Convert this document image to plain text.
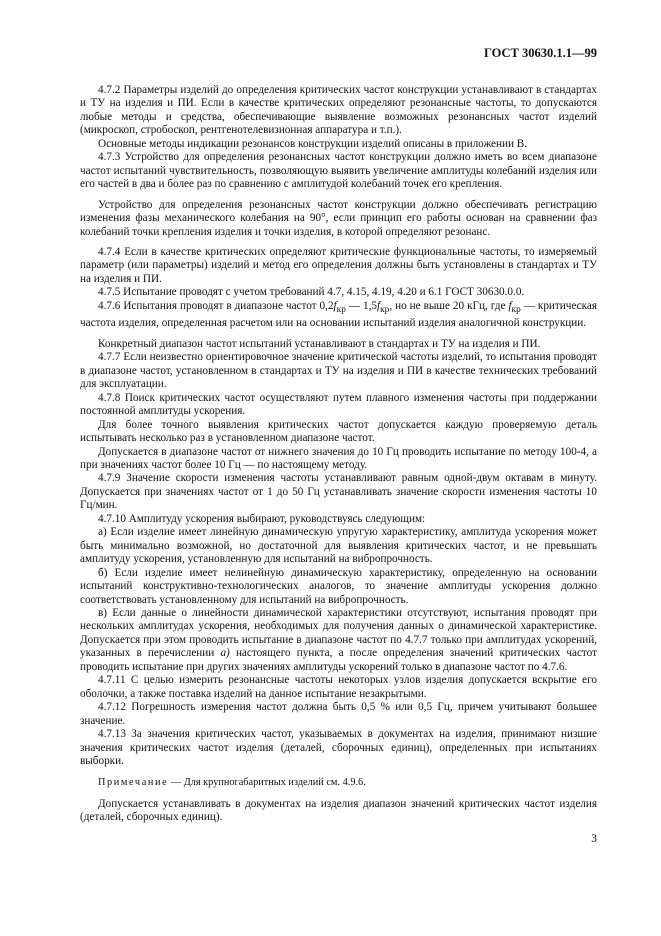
ГОСТ 30630.1.1—99

4.7.2 Параметры изделий до определения критических частот конструкции устанавливают в стандартах и ТУ на изделия и ПИ. Если в качестве критических определяют резонансные частоты, то допускаются любые методы и средства, обеспечивающие выявление возможных резонансных частот изделий (микроскоп, стробоскоп, рентгенотелевизионная аппаратура и т.п.).

Основные методы индикации резонансов конструкции изделий описаны в приложении В.

4.7.3 Устройство для определения резонансных частот конструкции должно иметь во всем диапазоне частот испытаний чувствительность, позволяющую выявить увеличение амплитуды колебаний изделия или его частей в два и более раз по сравнению с амплитудой колебаний точек его крепления.

Устройство для определения резонансных частот конструкции должно обеспечивать регистрацию изменения фазы механического колебания на 90°, если принцип его работы основан на сравнении фаз колебаний точки крепления изделия и точки изделия, в которой определяют резонанс.

4.7.4 Если в качестве критических определяют критические функциональные частоты, то измеряемый параметр (или параметры) изделий и метод его определения должны быть установлены в стандартах и ТУ на изделия и ПИ.

4.7.5 Испытание проводят с учетом требований 4.7, 4.15, 4.19, 4.20 и 6.1 ГОСТ 30630.0.0.

4.7.6 Испытания проводят в диапазоне частот $0,2f_{кр}$ — $1,5f_{кр}$, но не выше 20 кГц, где $f_{кр}$ — критическая частота изделия, определенная расчетом или на основании испытаний изделия аналогичной конструкции.

Конкретный диапазон частот испытаний устанавливают в стандартах и ТУ на изделия и ПИ.

4.7.7 Если неизвестно ориентировочное значение критической частоты изделий, то испытания проводят в диапазоне частот, установленном в стандартах и ТУ на изделия и ПИ в качестве технических требований для эксплуатации.

4.7.8 Поиск критических частот осуществляют путем плавного изменения частоты при поддержании постоянной амплитуды ускорения.

Для более точного выявления критических частот допускается каждую проверяемую деталь испытывать несколько раз в установленном диапазоне частот.

Допускается в диапазоне частот от нижнего значения до 10 Гц проводить испытание по методу 100-4, а при значениях частот более 10 Гц — по настоящему методу.

4.7.9 Значение скорости изменения частоты устанавливают равным одной-двум октавам в минуту. Допускается при значениях частот от 1 до 50 Гц устанавливать значение скорости изменения частоты 10 Гц/мин.

4.7.10 Амплитуду ускорения выбирают, руководствуясь следующим:

а) Если изделие имеет линейную динамическую упругую характеристику, амплитуда ускорения может быть минимально возможной, но достаточной для выявления критических частот, и не превышать амплитуду ускорения, установленную для испытаний на вибропрочность.

б) Если изделие имеет нелинейную динамическую характеристику, определенную на основании испытаний конструктивно-технологических аналогов, то значение амплитуды ускорения должно соответствовать установленному для испытаний на вибропрочность.

в) Если данные о линейности динамической характеристики отсутствуют, испытания проводят при нескольких амплитудах ускорения, необходимых для получения данных о динамической характеристике. Допускается при этом проводить испытание в диапазоне частот по 4.7.7 только при амплитудах ускорений, указанных в перечислении а) настоящего пункта, а после определения значений критических частот проводить испытание при других значениях амплитуды ускорений только в диапазоне частот по 4.7.6.

4.7.11 С целью измерить резонансные частоты некоторых узлов изделия допускается вскрытие его оболочки, а также поставка изделий на данное испытание незакрытыми.

4.7.12 Погрешность измерения частот должна быть 0,5 % или 0,5 Гц, причем учитывают большее значение.

4.7.13 За значения критических частот, указываемых в документах на изделия, принимают низшие значения критических частот изделия (деталей, сборочных единиц), определенных при испытаниях выборки.

Примечание — Для крупногабаритных изделий см. 4.9.6.

Допускается устанавливать в документах на изделия диапазон значений критических частот изделия (деталей, сборочных единиц).

3
